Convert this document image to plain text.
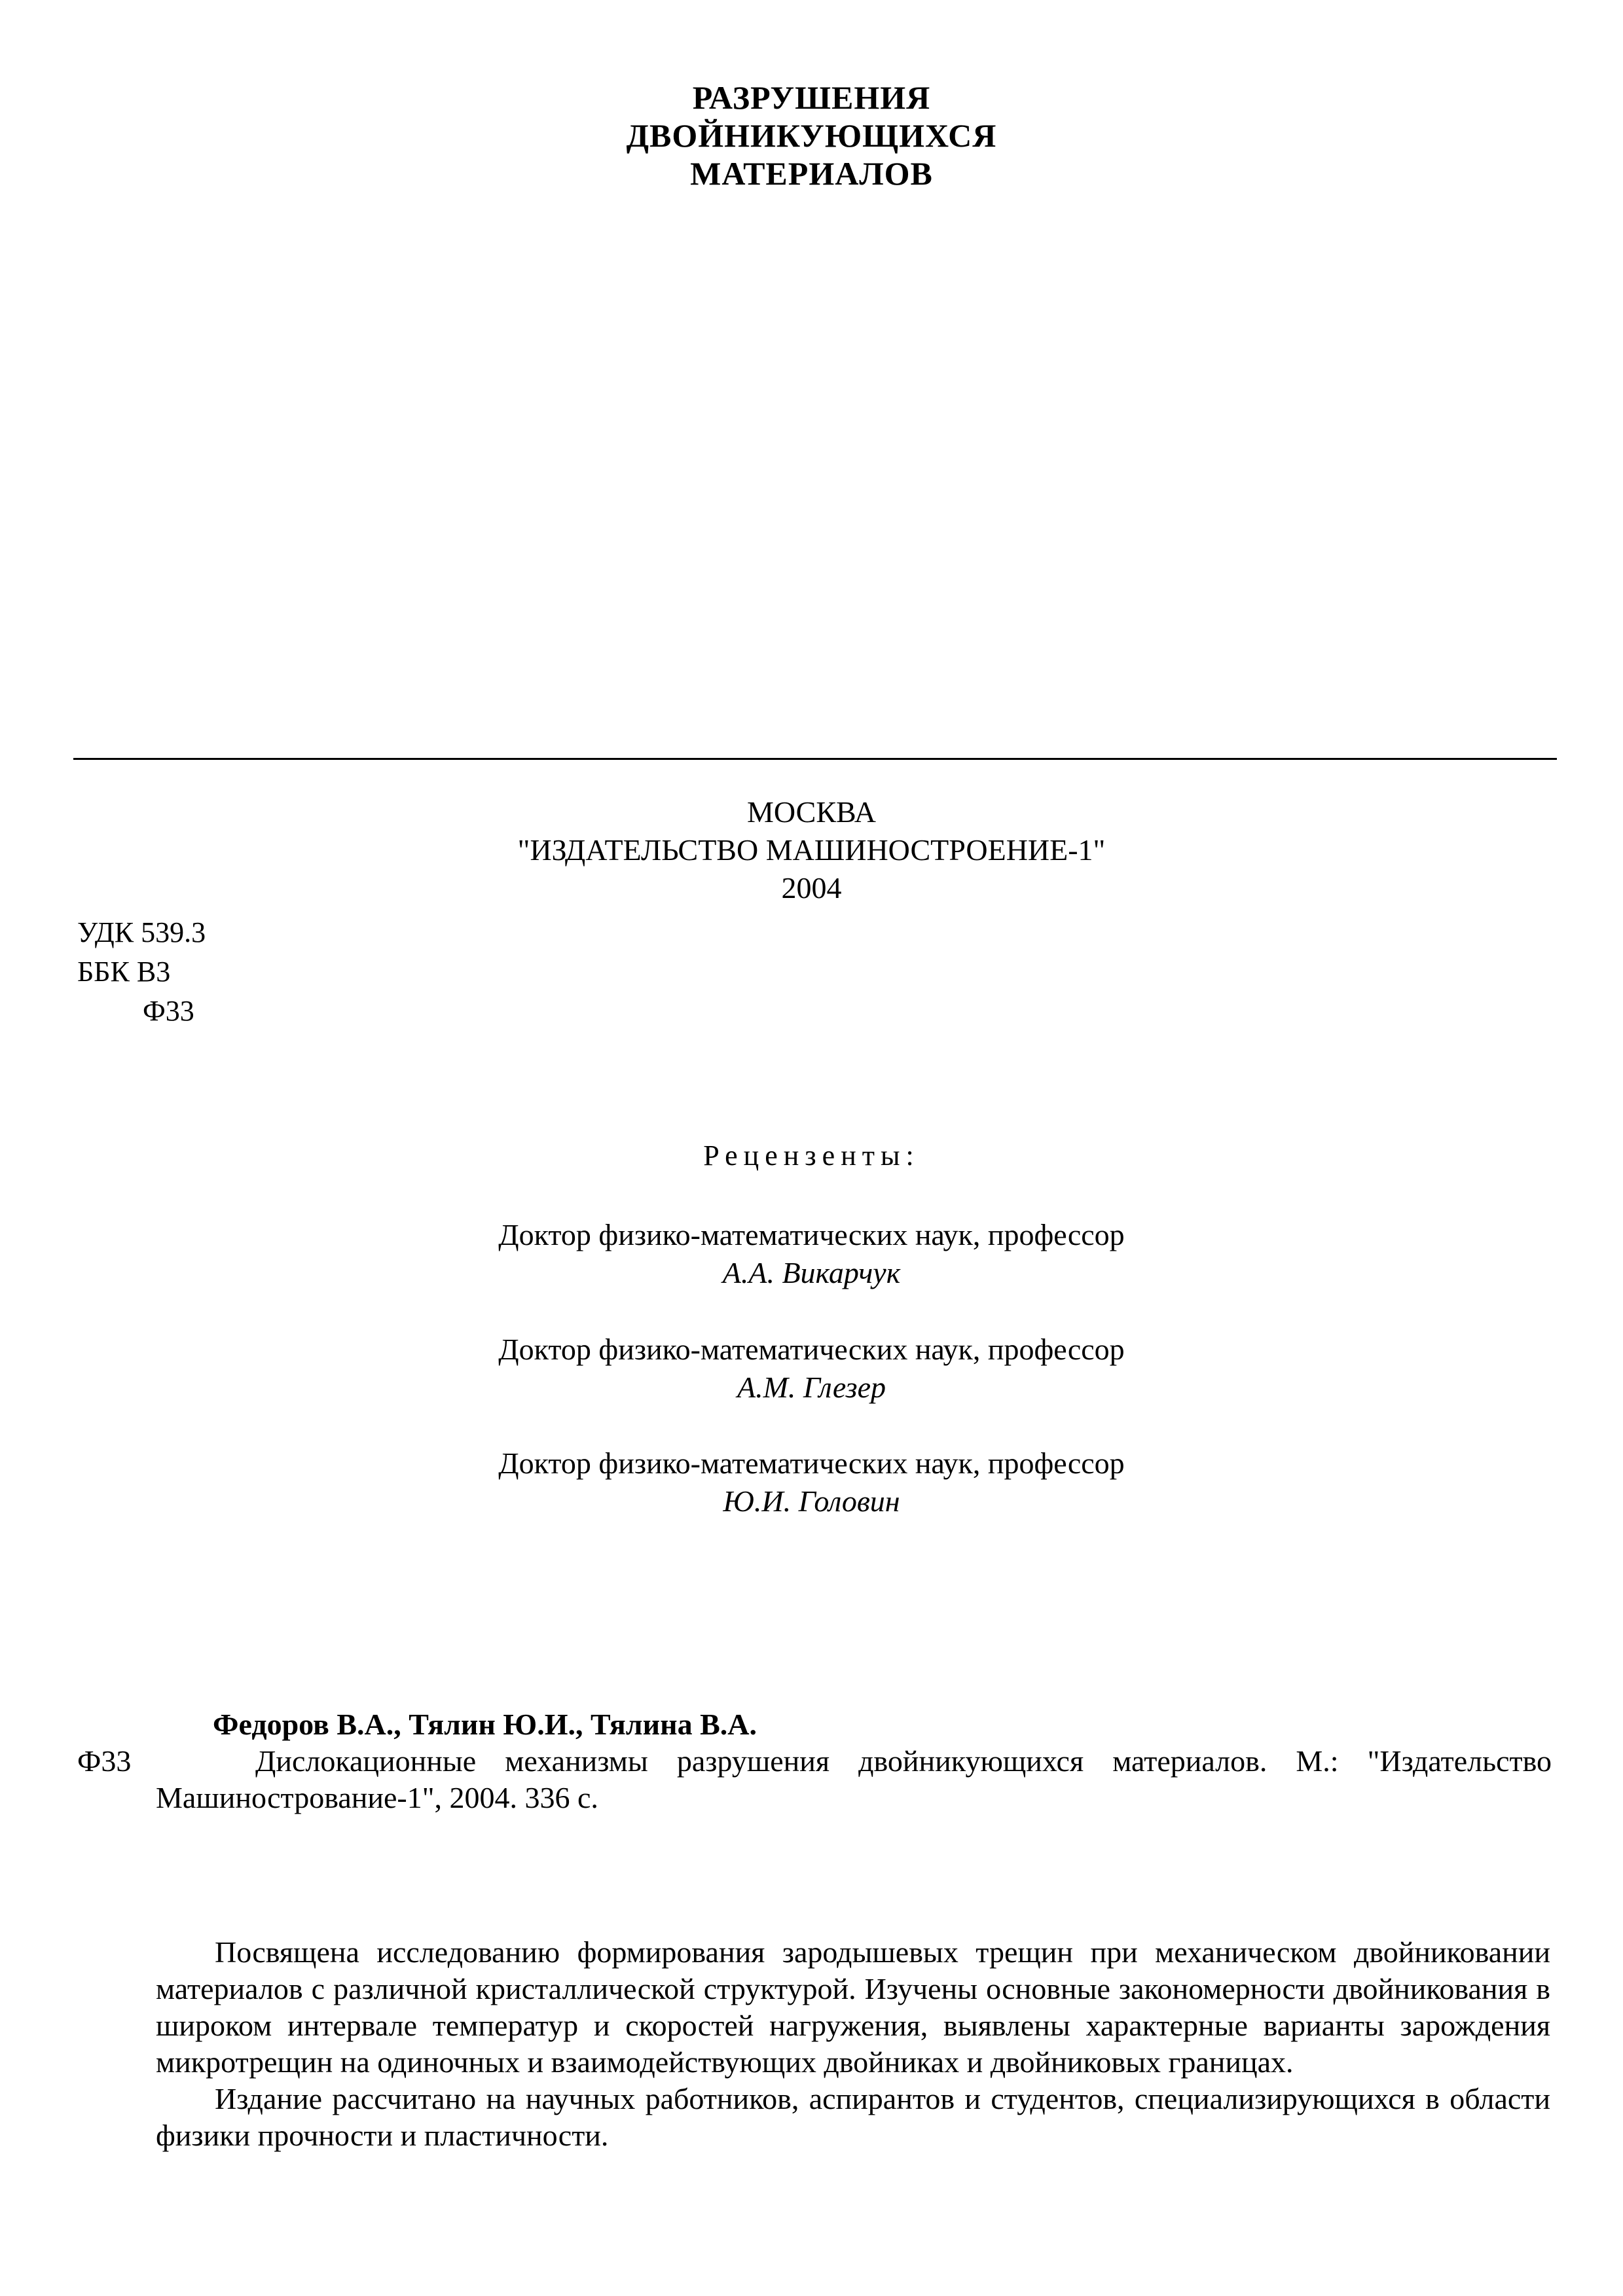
РАЗРУШЕНИЯ
ДВОЙНИКУЮЩИХСЯ
МАТЕРИАЛОВ
МОСКВА
"ИЗДАТЕЛЬСТВО МАШИНОСТРОЕНИЕ-1"
2004
УДК 539.3
ББК В3
Ф33
Рецензенты:
Доктор физико-математических наук, профессор
А.А. Викарчук
Доктор физико-математических наук, профессор
А.М. Глезер
Доктор физико-математических наук, профессор
Ю.И. Головин
Федоров В.А., Тялин Ю.И., Тялина В.А.
Ф33	Дислокационные механизмы разрушения двойникующихся материалов. М.: "Издательство
Машинострование-1", 2004. 336 с.

Посвящена исследованию формирования зародышевых трещин при механическом двойниковании материалов с различной кристаллической структурой. Изучены основные закономерности двойникования в широком интервале температур и скоростей нагружения, выявлены характерные варианты зарождения микротрещин на одиночных и взаимодействующих двойниках и двойниковых границах.

Издание рассчитано на научных работников, аспирантов и студентов, специализирующихся в области физики прочности и пластичности.
